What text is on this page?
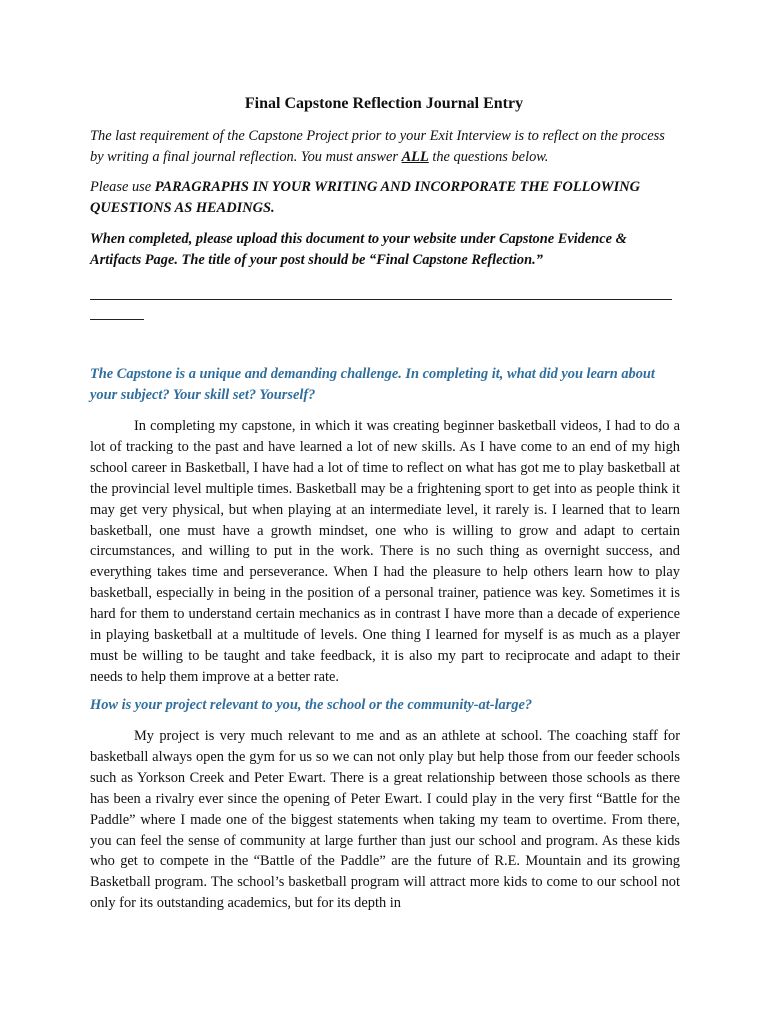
Final Capstone Reflection Journal Entry

The last requirement of the Capstone Project prior to your Exit Interview is to reflect on the process by writing a final journal reflection. You must answer ALL the questions below.

Please use PARAGRAPHS IN YOUR WRITING AND INCORPORATE THE FOLLOWING QUESTIONS AS HEADINGS.

When completed, please upload this document to your website under Capstone Evidence & Artifacts Page. The title of your post should be “Final Capstone Reflection.”

The Capstone is a unique and demanding challenge. In completing it, what did you learn about your subject? Your skill set? Yourself?

In completing my capstone, in which it was creating beginner basketball videos, I had to do a lot of tracking to the past and have learned a lot of new skills. As I have come to an end of my high school career in Basketball, I have had a lot of time to reflect on what has got me to play basketball at the provincial level multiple times. Basketball may be a frightening sport to get into as people think it may get very physical, but when playing at an intermediate level, it rarely is. I learned that to learn basketball, one must have a growth mindset, one who is willing to grow and adapt to certain circumstances, and willing to put in the work. There is no such thing as overnight success, and everything takes time and perseverance. When I had the pleasure to help others learn how to play basketball, especially in being in the position of a personal trainer, patience was key. Sometimes it is hard for them to understand certain mechanics as in contrast I have more than a decade of experience in playing basketball at a multitude of levels. One thing I learned for myself is as much as a player must be willing to be taught and take feedback, it is also my part to reciprocate and adapt to their needs to help them improve at a better rate.

How is your project relevant to you, the school or the community-at-large?

My project is very much relevant to me and as an athlete at school. The coaching staff for basketball always open the gym for us so we can not only play but help those from our feeder schools such as Yorkson Creek and Peter Ewart. There is a great relationship between those schools as there has been a rivalry ever since the opening of Peter Ewart. I could play in the very first “Battle for the Paddle” where I made one of the biggest statements when taking my team to overtime. From there, you can feel the sense of community at large further than just our school and program. As these kids who get to compete in the “Battle of the Paddle” are the future of R.E. Mountain and its growing Basketball program. The school’s basketball program will attract more kids to come to our school not only for its outstanding academics, but for its depth in
